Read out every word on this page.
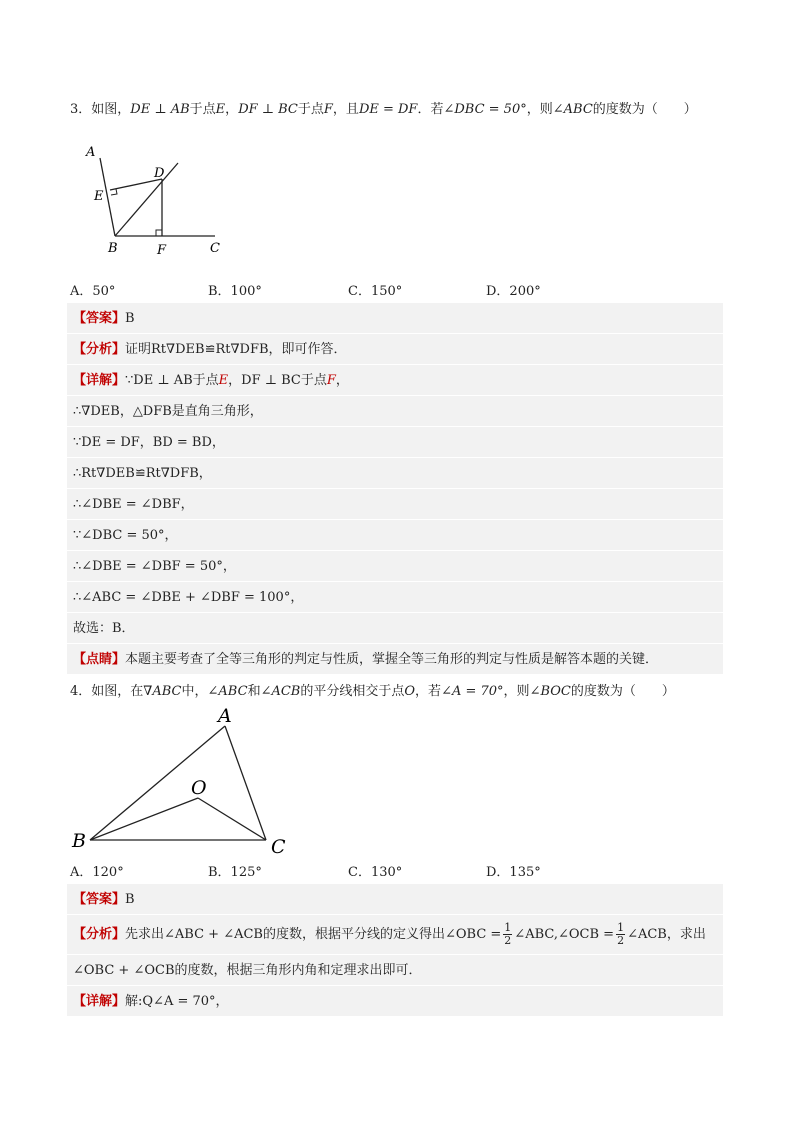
3．如图，DE ⊥ AB于点E，DF ⊥ BC于点F，且DE = DF．若∠DBC = 50°，则∠ABC的度数为（　　）
A
D
E
B	F	C
A．50°	B．100°	C．150°	D．200°
【答案】B
【分析】证明Rt∇DEB≌Rt∇DFB，即可作答．
【详解】∵DE ⊥ AB于点E，DF ⊥ BC于点F，
∴∇DEB，△DFB是直角三角形，
∵DE = DF，BD = BD，
∴Rt∇DEB≌Rt∇DFB，
∴∠DBE = ∠DBF，
∵∠DBC = 50°，
∴∠DBE = ∠DBF = 50°，
∴∠ABC = ∠DBE + ∠DBF = 100°，
故选：B．
【点睛】本题主要考查了全等三角形的判定与性质，掌握全等三角形的判定与性质是解答本题的关键．
4．如图，在∇ABC中，∠ABC和∠ACB的平分线相交于点O，若∠A = 70°，则∠BOC的度数为（　　）
A
O
B	C
A．120°	B．125°	C．130°	D．135°
【答案】B
【分析】先求出∠ABC + ∠ACB的度数，根据平分线的定义得出∠OBC = $\frac{1}{2}$ ∠ABC,∠OCB = $\frac{1}{2}$ ∠ACB，求出
∠OBC + ∠OCB的度数，根据三角形内角和定理求出即可．
【详解】解:Q∠A = 70°，
